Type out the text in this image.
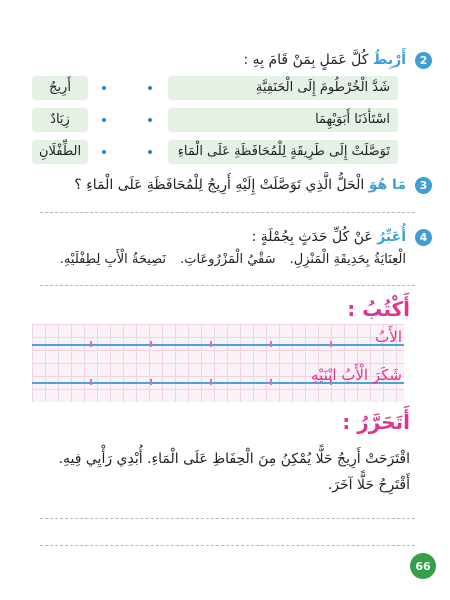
2
أَرْبِطُ كُلَّ عَمَلٍ بِمَنْ قَامَ بِهِ :
شَدَّ الْخُرْطُومَ إِلَى الْحَنَفِيَّةِ
اسْتَأْذَنَا أَبَوَيْهِمَا
تَوَصَّلَتْ إِلَى طَرِيقَةٍ لِلْمُحَافَظَةِ عَلَى الْمَاءِ
أَرِيجُ
زِيَادٌ
الطِّفْلَانِ
3
مَا هُوَ الْحَلُّ الَّذِي تَوَصَّلَتْ إِلَيْهِ أَرِيجُ لِلْمُحَافَظَةِ عَلَى الْمَاءِ ؟
4
أُعَبِّرُ عَنْ كُلِّ حَدَثٍ بِجُمْلَةٍ :
الْعِنَايَةُ بِحَدِيقَةِ الْمَنْزِلِ. سَقْيُ الْمَزْرُوعَاتِ. نَصِيحَةُ الْأَبِ لِطِفْلَيْهِ.
أَكْتُبُ :
الأَبُ
شَكَرَ الْأَبُ ابْنَيْهِ
أَتَحَرَّرُ :
اقْتَرَحَتْ أَرِيجُ حَلًّا يُمْكِنُ مِنَ الْحِفَاظِ عَلَى الْمَاءِ. أُبْدِي رَأْيِي فِيهِ.
أَقْتَرِحُ حَلًّا آخَرَ.
66
